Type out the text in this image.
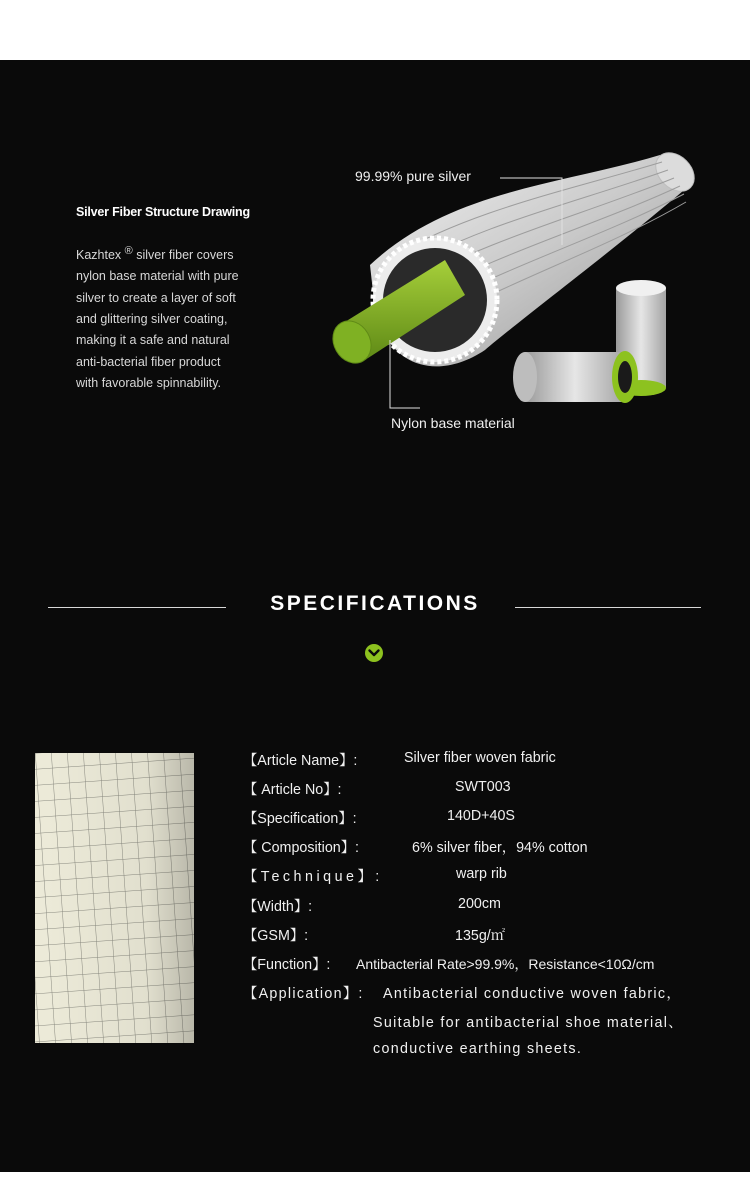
Silver Fiber Structure Drawing
Kazhtex ® silver fiber covers
nylon base material with pure
silver to create a layer of soft
and glittering silver coating,
making it a safe and natural
anti-bacterial fiber product
with favorable spinnability.
99.99% pure silver
Nylon base material
SPECIFICATIONS
【Article Name】:	Silver fiber woven fabric
【 Article No】:	SWT003
【Specification】:	140D+40S
【 Composition】:	6% silver fiber，94% cotton
【Technique】:	warp rib
【Width】:	200cm
【GSM】:	135g/㎡
【Function】: Antibacterial Rate>99.9%，Resistance<10Ω/cm
【Application】: Antibacterial conductive woven fabric，
Suitable for antibacterial shoe material、
conductive earthing sheets.
